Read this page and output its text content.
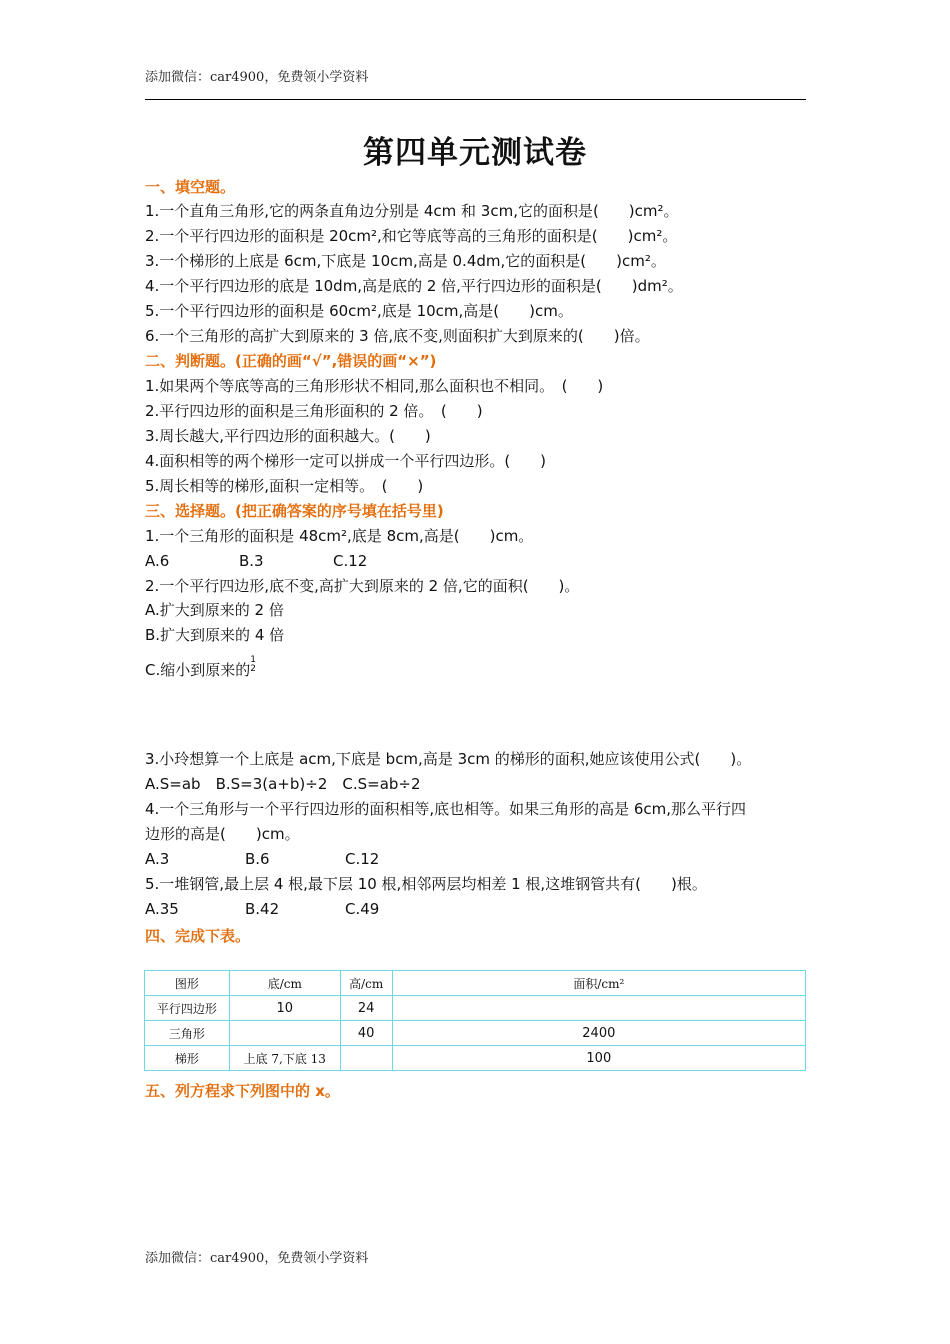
添加微信：car4900，免费领小学资料
第四单元测试卷
一、填空题。
1.一个直角三角形,它的两条直角边分别是 4cm 和 3cm,它的面积是(　　)cm²。
2.一个平行四边形的面积是 20cm²,和它等底等高的三角形的面积是(　　)cm²。
3.一个梯形的上底是 6cm,下底是 10cm,高是 0.4dm,它的面积是(　　)cm²。
4.一个平行四边形的底是 10dm,高是底的 2 倍,平行四边形的面积是(　　)dm²。
5.一个平行四边形的面积是 60cm²,底是 10cm,高是(　　)cm。
6.一个三角形的高扩大到原来的 3 倍,底不变,则面积扩大到原来的(　　)倍。
二、判断题。(正确的画“√”,错误的画“×”)
1.如果两个等底等高的三角形形状不相同,那么面积也不相同。　(　　)
2.平行四边形的面积是三角形面积的 2 倍。　(　　)
3.周长越大,平行四边形的面积越大。(　　)
4.面积相等的两个梯形一定可以拼成一个平行四边形。(　　)
5.周长相等的梯形,面积一定相等。　(　　)
三、选择题。(把正确答案的序号填在括号里)
1.一个三角形的面积是 48cm²,底是 8cm,高是(　　)cm。
A.6	B.3	C.12
2.一个平行四边形,底不变,高扩大到原来的 2 倍,它的面积(　　)。
A.扩大到原来的 2 倍
B.扩大到原来的 4 倍
C.缩小到原来的
1
2
3.小玲想算一个上底是 acm,下底是 bcm,高是 3cm 的梯形的面积,她应该使用公式(　　)。
A.S=ab　B.S=3(a+b)÷2　C.S=ab÷2
4.一个三角形与一个平行四边形的面积相等,底也相等。如果三角形的高是 6cm,那么平行四
边形的高是(　　)cm。
A.3	B.6	C.12
5.一堆钢管,最上层 4 根,最下层 10 根,相邻两层均相差 1 根,这堆钢管共有(　　)根。
A.35	B.42	C.49
四、完成下表。
图形	底/cm	高/cm	面积/cm²
平行四边形	10	24	
三角形		40	2400
梯形	上底 7,下底 13		100
五、列方程求下列图中的 x。
添加微信：car4900，免费领小学资料
